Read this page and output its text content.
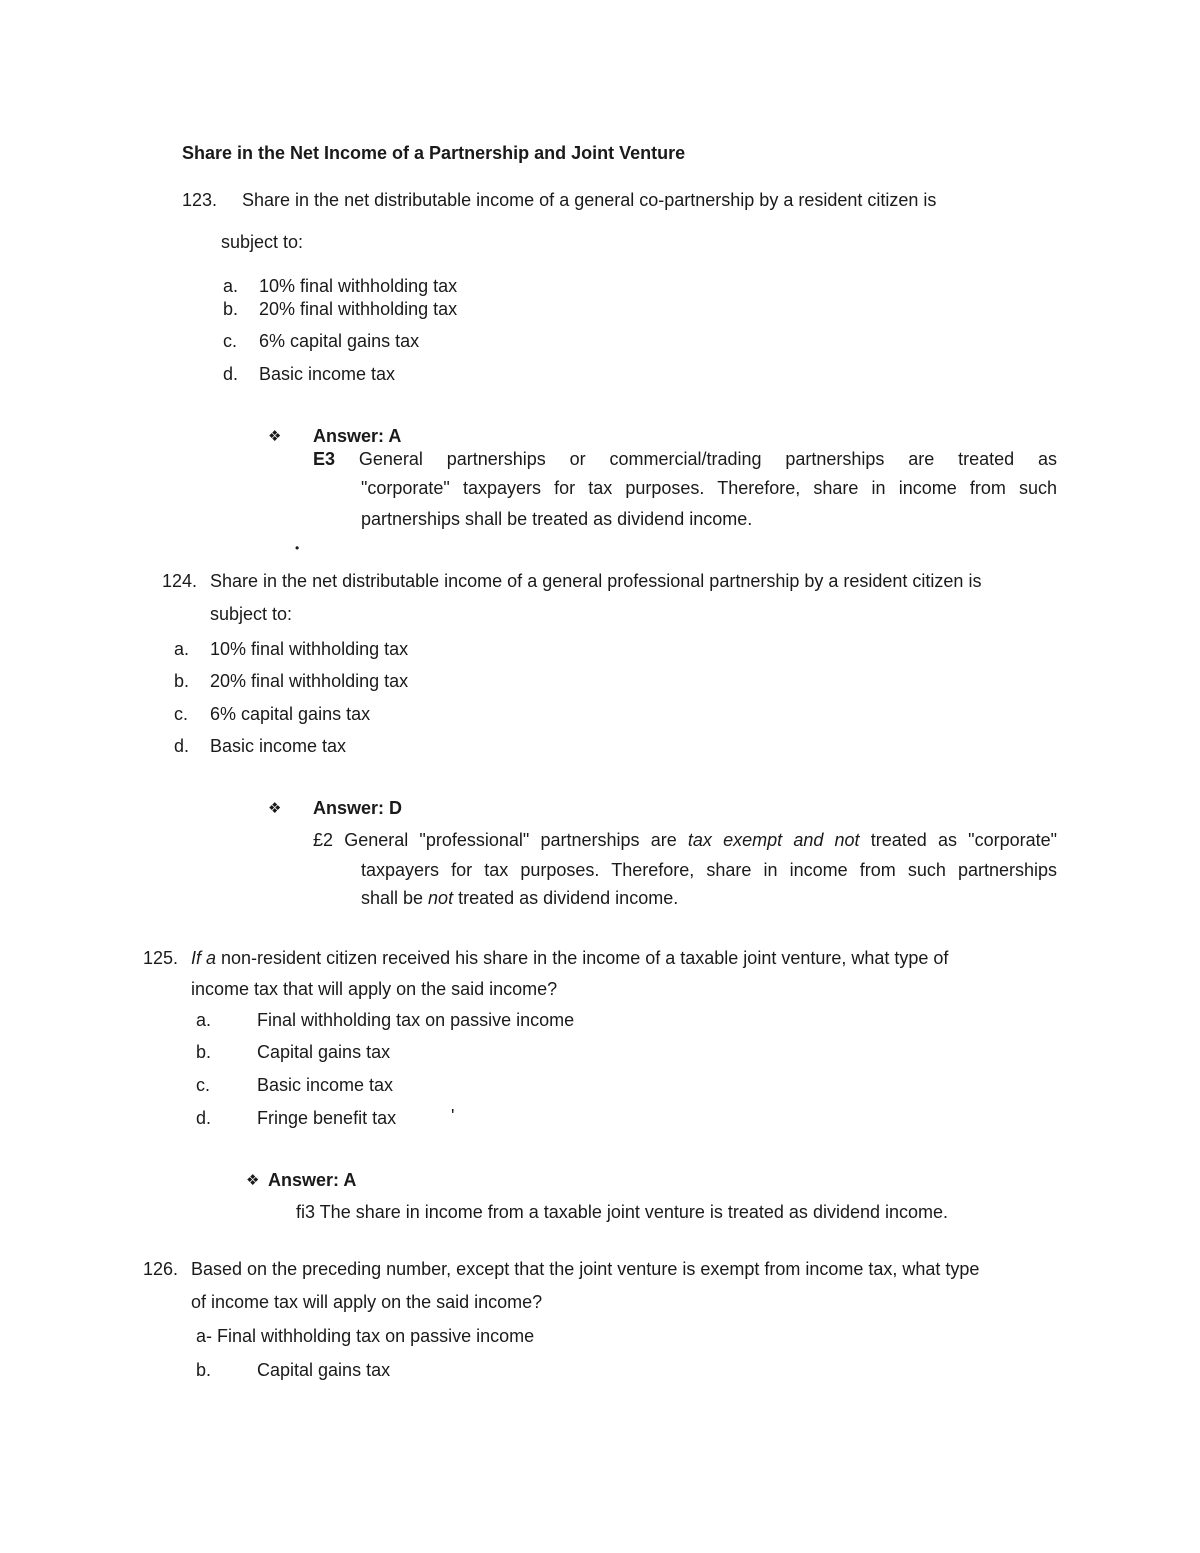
Share in the Net Income of a Partnership and Joint Venture
123. Share in the net distributable income of a general co-partnership by a resident citizen is
subject to:
a. 10% final withholding tax
b. 20% final withholding tax
c. 6% capital gains tax
d. Basic income tax
❖ Answer: A
E3 General partnerships or commercial/trading partnerships are treated as
"corporate" taxpayers for tax purposes. Therefore, share in income from such
partnerships shall be treated as dividend income.
•
124. Share in the net distributable income of a general professional partnership by a resident citizen is
subject to:
a. 10% final withholding tax
b. 20% final withholding tax
c. 6% capital gains tax
d. Basic income tax
❖ Answer: D
£2 General "professional" partnerships are tax exempt and not treated as "corporate"
taxpayers for tax purposes. Therefore, share in income from such partnerships
shall be not treated as dividend income.
125. If a non-resident citizen received his share in the income of a taxable joint venture, what type of
income tax that will apply on the said income?
a.	Final withholding tax on passive income
b.	Capital gains tax
c.	Basic income tax
d.	Fringe benefit tax	'
❖ Answer: A
fi3 The share in income from a taxable joint venture is treated as dividend income.
126. Based on the preceding number, except that the joint venture is exempt from income tax, what type
of income tax will apply on the said income?
a- Final withholding tax on passive income
b.	Capital gains tax
